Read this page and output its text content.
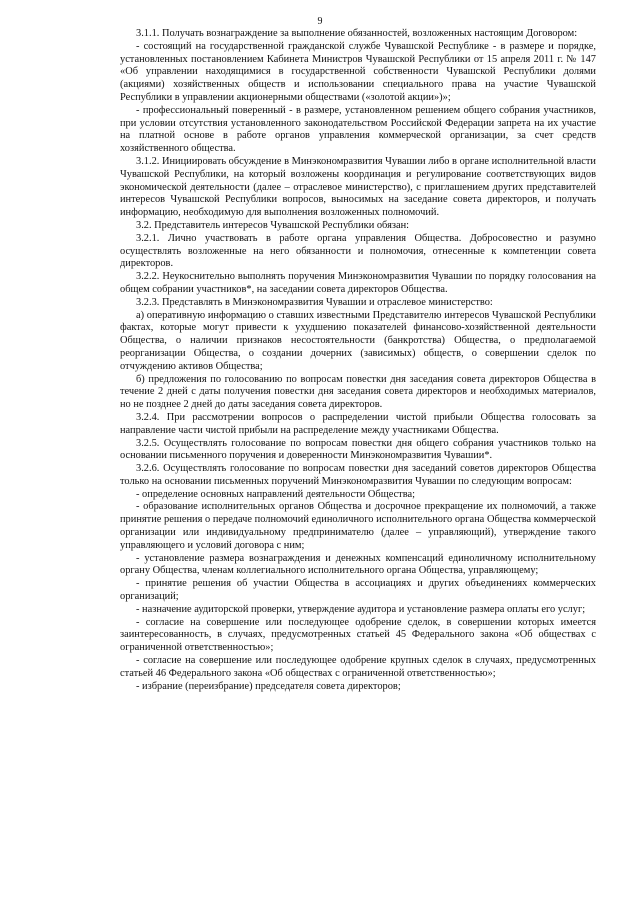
9

3.1.1. Получать вознаграждение за выполнение обязанностей, возложенных настоящим Договором:

- состоящий на государственной гражданской службе Чувашской Республике - в размере и порядке, установленных постановлением Кабинета Министров Чувашской Республики от 15 апреля 2011 г. № 147 «Об управлении находящимися в государственной собственности Чувашской Республики долями (акциями) хозяйственных обществ и использовании специального права на участие Чувашской Республики в управлении акционерными обществами («золотой акции»)»;

- профессиональный поверенный - в размере, установленном решением общего собрания участников, при условии отсутствия установленного законодательством Российской Федерации запрета на их участие на платной основе в работе органов управления коммерческой организации, за счет средств хозяйственного общества.

3.1.2. Инициировать обсуждение в Минэкономразвития Чувашии либо в органе исполнительной власти Чувашской Республики, на который возложены координация и регулирование соответствующих видов экономической деятельности (далее – отраслевое министерство), с приглашением других представителей интересов Чувашской Республики вопросов, выносимых на заседание совета директоров, и получать информацию, необходимую для выполнения возложенных полномочий.

3.2. Представитель интересов Чувашской Республики обязан:

3.2.1. Лично участвовать в работе органа управления Общества. Добросовестно и разумно осуществлять возложенные на него обязанности и полномочия, отнесенные к компетенции совета директоров.

3.2.2. Неукоснительно выполнять поручения Минэкономразвития Чувашии по порядку голосования на общем собрании участников*, на заседании совета директоров Общества.

3.2.3. Представлять в Минэкономразвития Чувашии и отраслевое министерство:

а) оперативную информацию о ставших известными Представителю интересов Чувашской Республики фактах, которые могут привести к ухудшению показателей финансово-хозяйственной деятельности Общества, о наличии признаков несостоятельности (банкротства) Общества, о предполагаемой реорганизации Общества, о создании дочерних (зависимых) обществ, о совершении сделок по отчуждению активов Общества;

б) предложения по голосованию по вопросам повестки дня заседания совета директоров Общества в течение 2 дней с даты получения повестки дня заседания совета директоров и необходимых материалов, но не позднее 2 дней до даты заседания совета директоров.

3.2.4. При рассмотрении вопросов о распределении чистой прибыли Общества голосовать за направление части чистой прибыли на распределение между участниками Общества.

3.2.5. Осуществлять голосование по вопросам повестки дня общего собрания участников только на основании письменного поручения и доверенности Минэкономразвития Чувашии*.

3.2.6. Осуществлять голосование по вопросам повестки дня заседаний советов директоров Общества только на основании письменных поручений Минэкономразвития Чувашии по следующим вопросам:

- определение основных направлений деятельности Общества;

- образование исполнительных органов Общества и досрочное прекращение их полномочий, а также принятие решения о передаче полномочий единоличного исполнительного органа Общества коммерческой организации или индивидуальному предпринимателю (далее – управляющий), утверждение такого управляющего и условий договора с ним;

- установление размера вознаграждения и денежных компенсаций единоличному исполнительному органу Общества, членам коллегиального исполнительного органа Общества, управляющему;

- принятие решения об участии Общества в ассоциациях и других объединениях коммерческих организаций;

- назначение аудиторской проверки, утверждение аудитора и установление размера оплаты его услуг;

- согласие на совершение или последующее одобрение сделок, в совершении которых имеется заинтересованность, в случаях, предусмотренных статьей 45 Федерального закона «Об обществах с ограниченной ответственностью»;

- согласие на совершение или последующее одобрение крупных сделок в случаях, предусмотренных статьей 46 Федерального закона «Об обществах с ограниченной ответственностью»;

- избрание (переизбрание) председателя совета директоров;
